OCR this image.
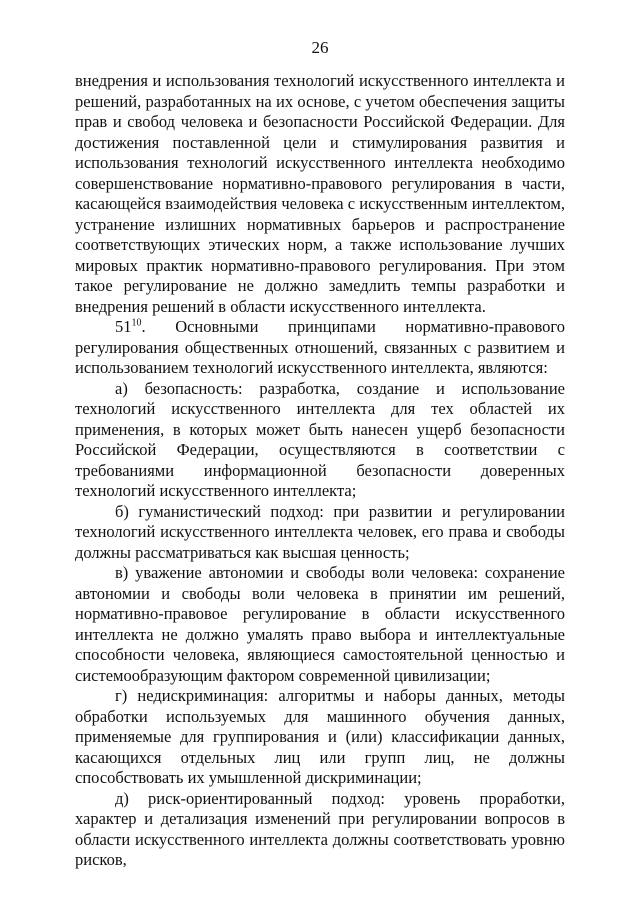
26

внедрения и использования технологий искусственного интеллекта и решений, разработанных на их основе, с учетом обеспечения защиты прав и свобод человека и безопасности Российской Федерации. Для достижения поставленной цели и стимулирования развития и использования технологий искусственного интеллекта необходимо совершенствование нормативно-правового регулирования в части, касающейся взаимодействия человека с искусственным интеллектом, устранение излишних нормативных барьеров и распространение соответствующих этических норм, а также использование лучших мировых практик нормативно-правового регулирования. При этом такое регулирование не должно замедлить темпы разработки и внедрения решений в области искусственного интеллекта.

$51^{10}$. Основными принципами нормативно-правового регулирования общественных отношений, связанных с развитием и использованием технологий искусственного интеллекта, являются:

а) безопасность: разработка, создание и использование технологий искусственного интеллекта для тех областей их применения, в которых может быть нанесен ущерб безопасности Российской Федерации, осуществляются в соответствии с требованиями информационной безопасности доверенных технологий искусственного интеллекта;

б) гуманистический подход: при развитии и регулировании технологий искусственного интеллекта человек, его права и свободы должны рассматриваться как высшая ценность;

в) уважение автономии и свободы воли человека: сохранение автономии и свободы воли человека в принятии им решений, нормативно-правовое регулирование в области искусственного интеллекта не должно умалять право выбора и интеллектуальные способности человека, являющиеся самостоятельной ценностью и системообразующим фактором современной цивилизации;

г) недискриминация: алгоритмы и наборы данных, методы обработки используемых для машинного обучения данных, применяемые для группирования и (или) классификации данных, касающихся отдельных лиц или групп лиц, не должны способствовать их умышленной дискриминации;

д) риск-ориентированный подход: уровень проработки, характер и детализация изменений при регулировании вопросов в области искусственного интеллекта должны соответствовать уровню рисков,
